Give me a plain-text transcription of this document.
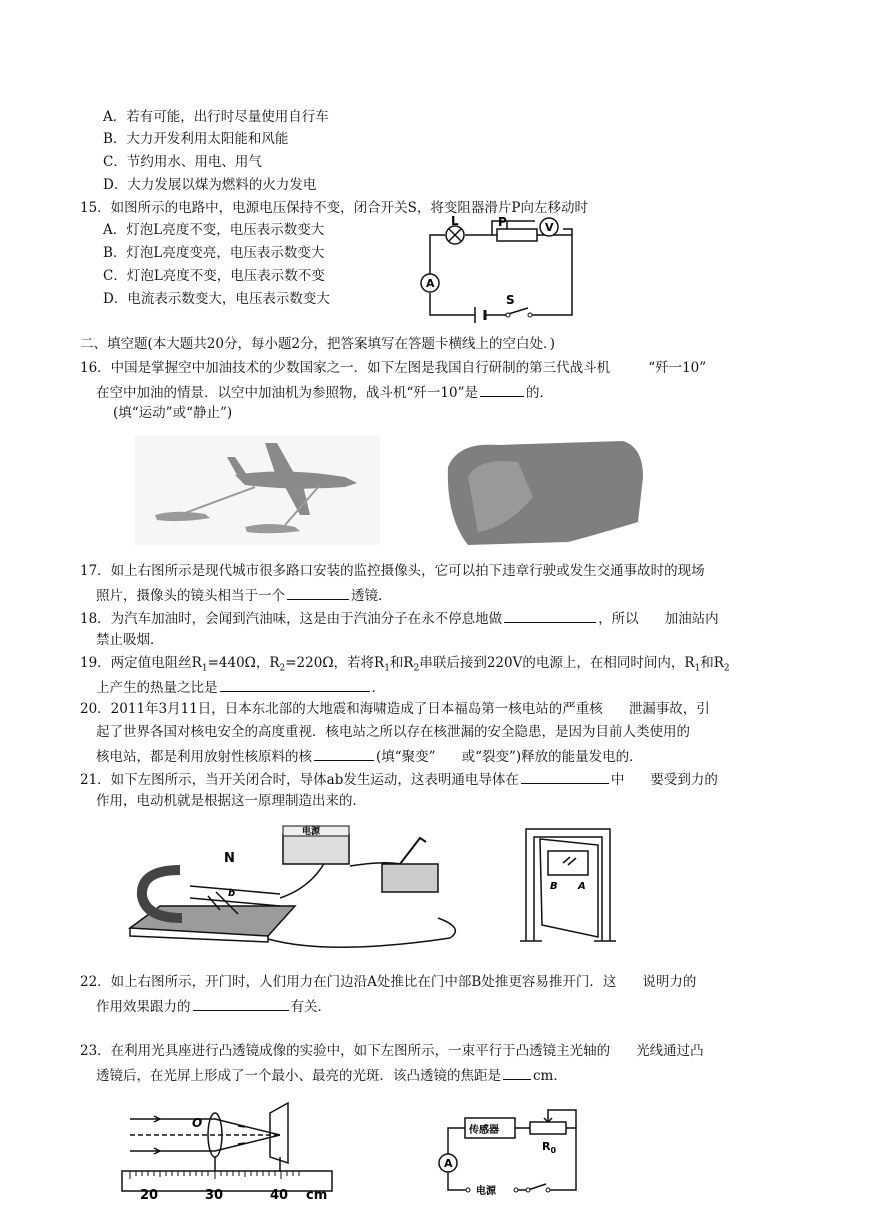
A．若有可能，出行时尽量使用自行车
B．大力开发利用太阳能和风能
C．节约用水、用电、用气
D．大力发展以煤为燃料的火力发电
15．如图所示的电路中，电源电压保持不变，闭合开关S，将变阻器滑片P向左移动时
A．灯泡L亮度不变，电压表示数变大
B．灯泡L亮度变亮，电压表示数变大
C．灯泡L亮度不变，电压表示数不变
D．电流表示数变大，电压表示数变大
L	P	V
A
S
二、填空题(本大题共20分，每小题2分，把答案填写在答题卡横线上的空白处．)
16．中国是掌握空中加油技术的少数国家之一．如下左图是我国自行研制的第三代战斗机	“歼一10”
在空中加油的情景．以空中加油机为参照物，战斗机“歼一10”是	的．
(填“运动”或“静止”)
17．如上右图所示是现代城市很多路口安装的监控摄像头，它可以拍下违章行驶或发生交通事故时的现场
照片，摄像头的镜头相当于一个	透镜．
18．为汽车加油时，会闻到汽油味，这是由于汽油分子在永不停息地做	，所以 加油站内
禁止吸烟．
19．两定值电阻丝$R_1=440\Omega$，$R_2=220\Omega$，若将$R_1$和$R_2$串联后接到220V的电源上，在相同时间内，$R_1$和$R_2$
上产生的热量之比是	．
20．2011年3月11日，日本东北部的大地震和海啸造成了日本福岛第一核电站的严重核 泄漏事故，引
起了世界各国对核电安全的高度重视．核电站之所以存在核泄漏的安全隐患，是因为目前人类使用的
核电站，都是利用放射性核原料的核	(填“聚变” 或“裂变”)释放的能量发电的．
21．如下左图所示，当开关闭合时，导体ab发生运动，这表明通电导体在	中 要受到力的
作用，电动机就是根据这一原理制造出来的．
N
b
电源
B A
22．如上右图所示，开门时，人们用力在门边沿A处推比在门中部B处推更容易推开门．这 说明力的
作用效果跟力的	有关．
23．在利用光具座进行凸透镜成像的实验中，如下左图所示，一束平行于凸透镜主光轴的 光线通过凸
透镜后，在光屏上形成了一个最小、最亮的光斑．该凸透镜的焦距是 cm．
O
20	30	40 cm
传感器
$R_0$
A
电源
